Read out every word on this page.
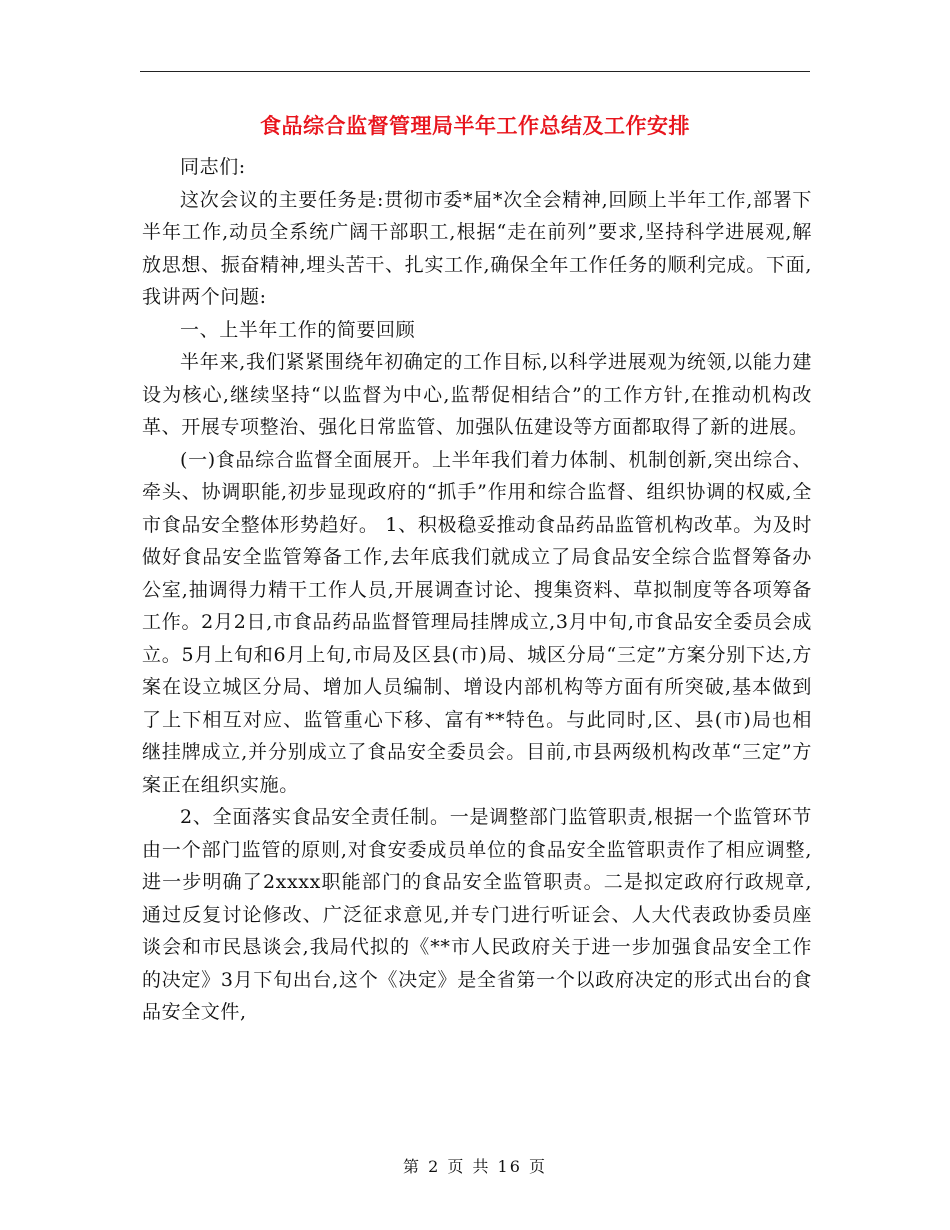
食品综合监督管理局半年工作总结及工作安排

同志们:

这次会议的主要任务是:贯彻市委*届*次全会精神,回顾上半年工作,部署下半年工作,动员全系统广阔干部职工,根据“走在前列”要求,坚持科学进展观,解放思想、振奋精神,埋头苦干、扎实工作,确保全年工作任务的顺利完成。下面,我讲两个问题:

一、上半年工作的简要回顾

半年来,我们紧紧围绕年初确定的工作目标,以科学进展观为统领,以能力建设为核心,继续坚持“以监督为中心,监帮促相结合”的工作方针,在推动机构改革、开展专项整治、强化日常监管、加强队伍建设等方面都取得了新的进展。

(一)食品综合监督全面展开。上半年我们着力体制、机制创新,突出综合、牵头、协调职能,初步显现政府的“抓手”作用和综合监督、组织协调的权威,全市食品安全整体形势趋好。 1、积极稳妥推动食品药品监管机构改革。为及时做好食品安全监管筹备工作,去年底我们就成立了局食品安全综合监督筹备办公室,抽调得力精干工作人员,开展调查讨论、搜集资料、草拟制度等各项筹备工作。2月2日,市食品药品监督管理局挂牌成立,3月中旬,市食品安全委员会成立。5月上旬和6月上旬,市局及区县(市)局、城区分局“三定”方案分别下达,方案在设立城区分局、增加人员编制、增设内部机构等方面有所突破,基本做到了上下相互对应、监管重心下移、富有**特色。与此同时,区、县(市)局也相继挂牌成立,并分别成立了食品安全委员会。目前,市县两级机构改革“三定”方案正在组织实施。

2、全面落实食品安全责任制。一是调整部门监管职责,根据一个监管环节由一个部门监管的原则,对食安委成员单位的食品安全监管职责作了相应调整,进一步明确了2xxxx职能部门的食品安全监管职责。二是拟定政府行政规章,通过反复讨论修改、广泛征求意见,并专门进行听证会、人大代表政协委员座谈会和市民恳谈会,我局代拟的《**市人民政府关于进一步加强食品安全工作的决定》3月下旬出台,这个《决定》是全省第一个以政府决定的形式出台的食品安全文件,

第 2 页 共 16 页
